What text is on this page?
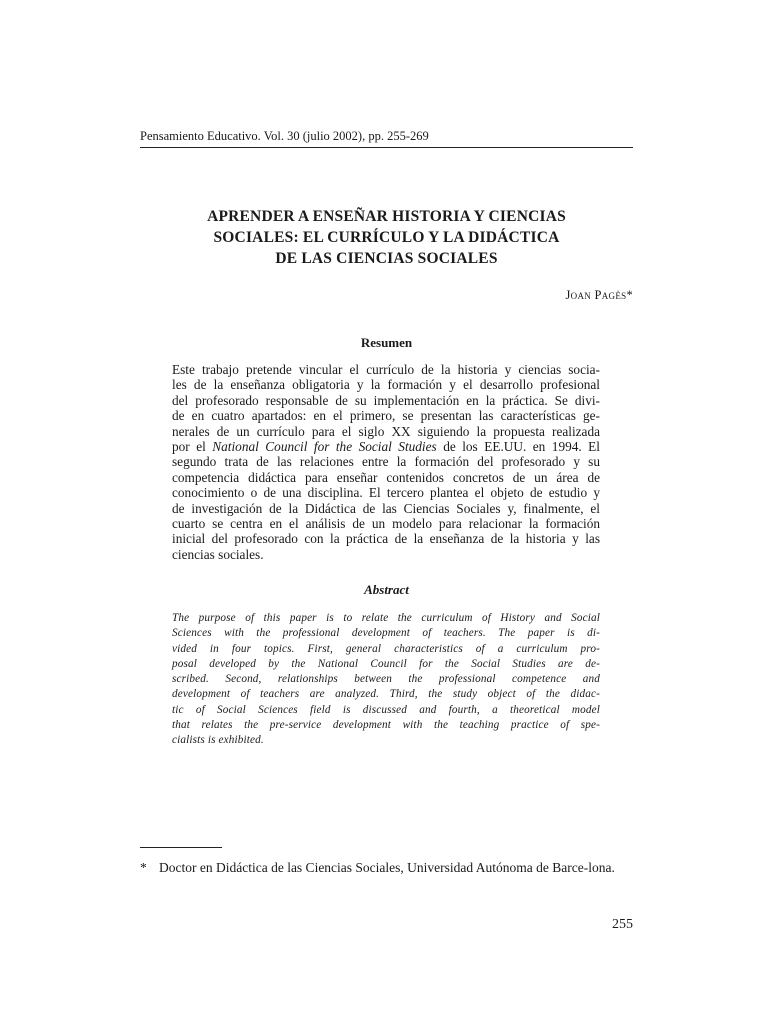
Pensamiento Educativo. Vol. 30 (julio 2002), pp. 255-269
APRENDER A ENSEÑAR HISTORIA Y CIENCIAS
SOCIALES: EL CURRÍCULO Y LA DIDÁCTICA
DE LAS CIENCIAS SOCIALES
Joan Pagès*
Resumen
Este trabajo pretende vincular el currículo de la historia y ciencias socia-
les de la enseñanza obligatoria y la formación y el desarrollo profesional
del profesorado responsable de su implementación en la práctica. Se divi-
de en cuatro apartados: en el primero, se presentan las características ge-
nerales de un currículo para el siglo XX siguiendo la propuesta realizada
por el National Council for the Social Studies de los EE.UU. en 1994. El
segundo trata de las relaciones entre la formación del profesorado y su
competencia didáctica para enseñar contenidos concretos de un área de
conocimiento o de una disciplina. El tercero plantea el objeto de estudio y
de investigación de la Didáctica de las Ciencias Sociales y, finalmente, el
cuarto se centra en el análisis de un modelo para relacionar la formación
inicial del profesorado con la práctica de la enseñanza de la historia y las
ciencias sociales.
Abstract
The purpose of this paper is to relate the curriculum of History and Social
Sciences with the professional development of teachers. The paper is di-
vided in four topics. First, general characteristics of a curriculum pro-
posal developed by the National Council for the Social Studies are de-
scribed. Second, relationships between the professional competence and
development of teachers are analyzed. Third, the study object of the didac-
tic of Social Sciences field is discussed and fourth, a theoretical model
that relates the pre-service development with the teaching practice of spe-
cialists is exhibited.
* Doctor en Didáctica de las Ciencias Sociales, Universidad Autónoma de Barce-lona.
255
